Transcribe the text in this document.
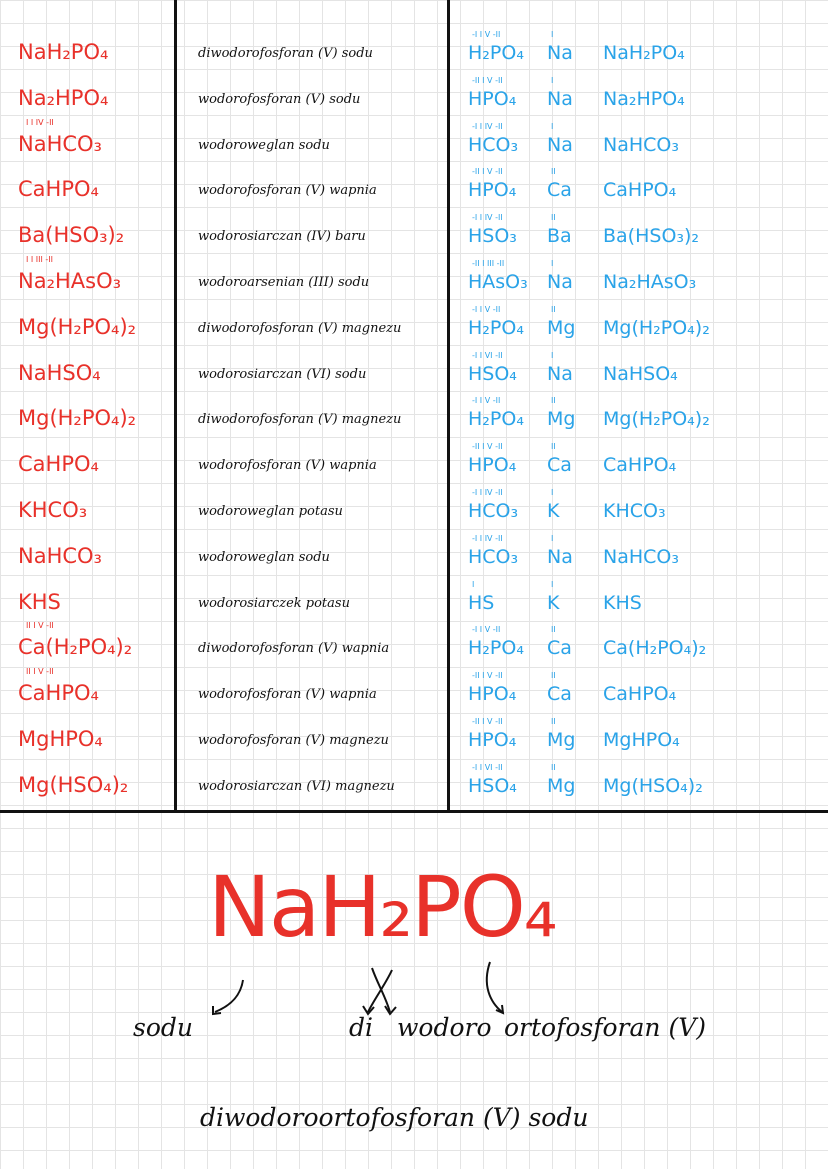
NaH₂PO₄	diwodorofosforan (V) sodu	H₂PO₄ Na NaH₂PO₄
-I I V -II	I
Na₂HPO₄	wodorofosforan (V) sodu	HPO₄ Na Na₂HPO₄
-II I V -II	I
NaHCO₃	wodoroweglan sodu	HCO₃ Na NaHCO₃
-I I IV -II	I
I I IV -II
CaHPO₄	wodorofosforan (V) wapnia	HPO₄ Ca CaHPO₄
-II I V -II	II
Ba(HSO₃)₂	wodorosiarczan (IV) baru	HSO₃ Ba Ba(HSO₃)₂
-I I IV -II	II
Na₂HAsO₃	wodoroarsenian (III) sodu	HAsO₃ Na Na₂HAsO₃
-II I III -II	I
I I III -II
Mg(H₂PO₄)₂	diwodorofosforan (V) magnezu	H₂PO₄ Mg Mg(H₂PO₄)₂
-I I V -II	II
NaHSO₄	wodorosiarczan (VI) sodu	HSO₄ Na NaHSO₄
-I I VI -II	I
Mg(H₂PO₄)₂	diwodorofosforan (V) magnezu	H₂PO₄ Mg Mg(H₂PO₄)₂
-I I V -II	II
CaHPO₄	wodorofosforan (V) wapnia	HPO₄ Ca CaHPO₄
-II I V -II	II
KHCO₃	wodoroweglan potasu	HCO₃ K KHCO₃
-I I IV -II	I
NaHCO₃	wodoroweglan sodu	HCO₃ Na NaHCO₃
-I I IV -II	I
KHS	wodorosiarczek potasu	HS	K KHS
I	I
Ca(H₂PO₄)₂	diwodorofosforan (V) wapnia	H₂PO₄ Ca Ca(H₂PO₄)₂
-I I V -II	II
II I V -II
CaHPO₄	wodorofosforan (V) wapnia	HPO₄ Ca CaHPO₄
-II I V -II	II
II I V -II
MgHPO₄	wodorofosforan (V) magnezu	HPO₄ Mg MgHPO₄
-II I V -II	II
Mg(HSO₄)₂	wodorosiarczan (VI) magnezu	HSO₄ Mg Mg(HSO₄)₂
-I I VI -II	II
NaH₂PO₄
sodu	di wodoro ortofosforan (V)
diwodoroortofosforan (V) sodu
